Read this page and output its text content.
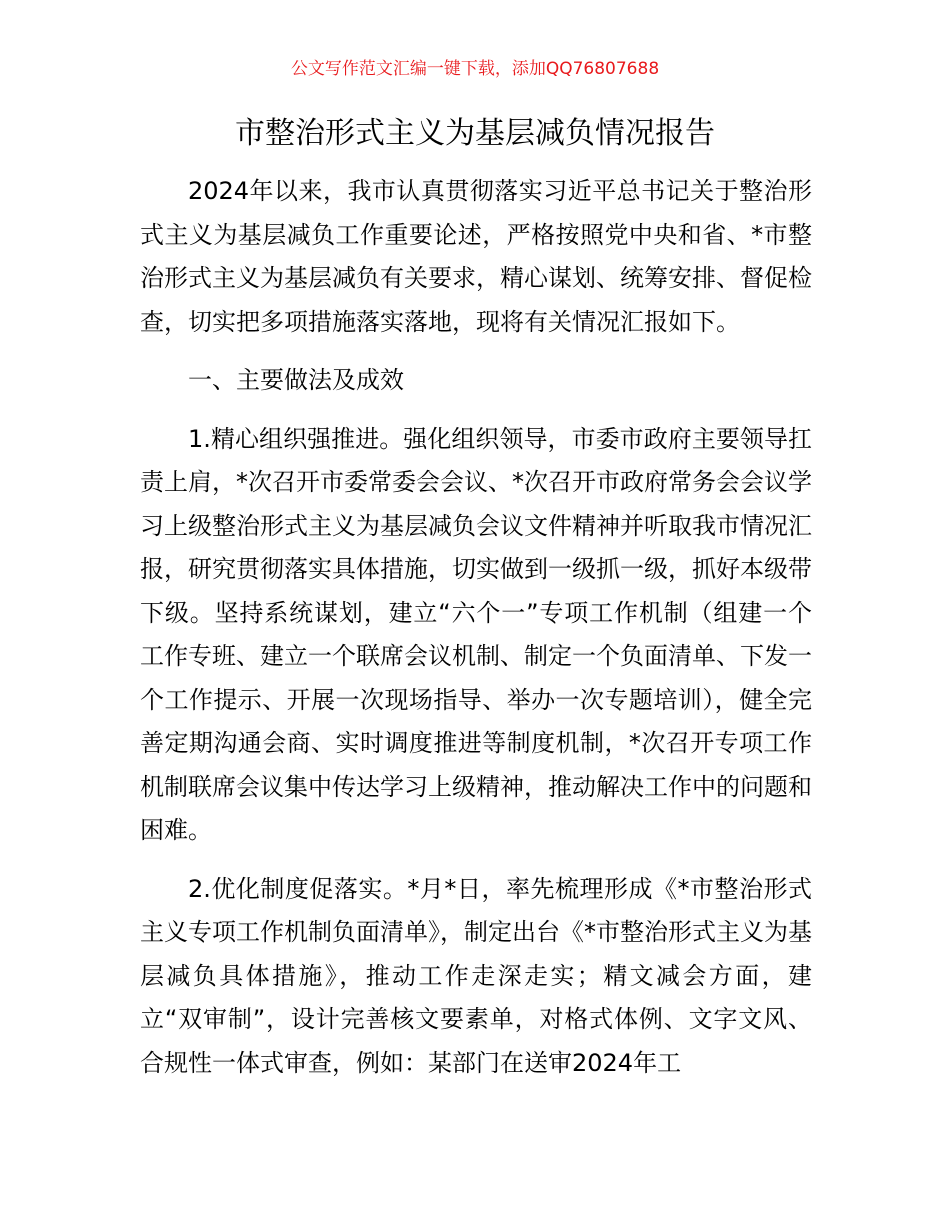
公文写作范文汇编一键下载，添加QQ76807688
市整治形式主义为基层减负情况报告

2024年以来，我市认真贯彻落实习近平总书记关于整治形式主义为基层减负工作重要论述，严格按照党中央和省、*市整治形式主义为基层减负有关要求，精心谋划、统筹安排、督促检查，切实把多项措施落实落地，现将有关情况汇报如下。

一、主要做法及成效

1.精心组织强推进。强化组织领导，市委市政府主要领导扛责上肩，*次召开市委常委会会议、*次召开市政府常务会会议学习上级整治形式主义为基层减负会议文件精神并听取我市情况汇报，研究贯彻落实具体措施，切实做到一级抓一级，抓好本级带下级。坚持系统谋划，建立“六个一”专项工作机制（组建一个工作专班、建立一个联席会议机制、制定一个负面清单、下发一个工作提示、开展一次现场指导、举办一次专题培训），健全完善定期沟通会商、实时调度推进等制度机制，*次召开专项工作机制联席会议集中传达学习上级精神，推动解决工作中的问题和困难。

2.优化制度促落实。*月*日，率先梳理形成《*市整治形式主义专项工作机制负面清单》，制定出台《*市整治形式主义为基层减负具体措施》，推动工作走深走实；精文减会方面，建立“双审制”，设计完善核文要素单，对格式体例、文字文风、合规性一体式审查，例如：某部门在送审2024年工
